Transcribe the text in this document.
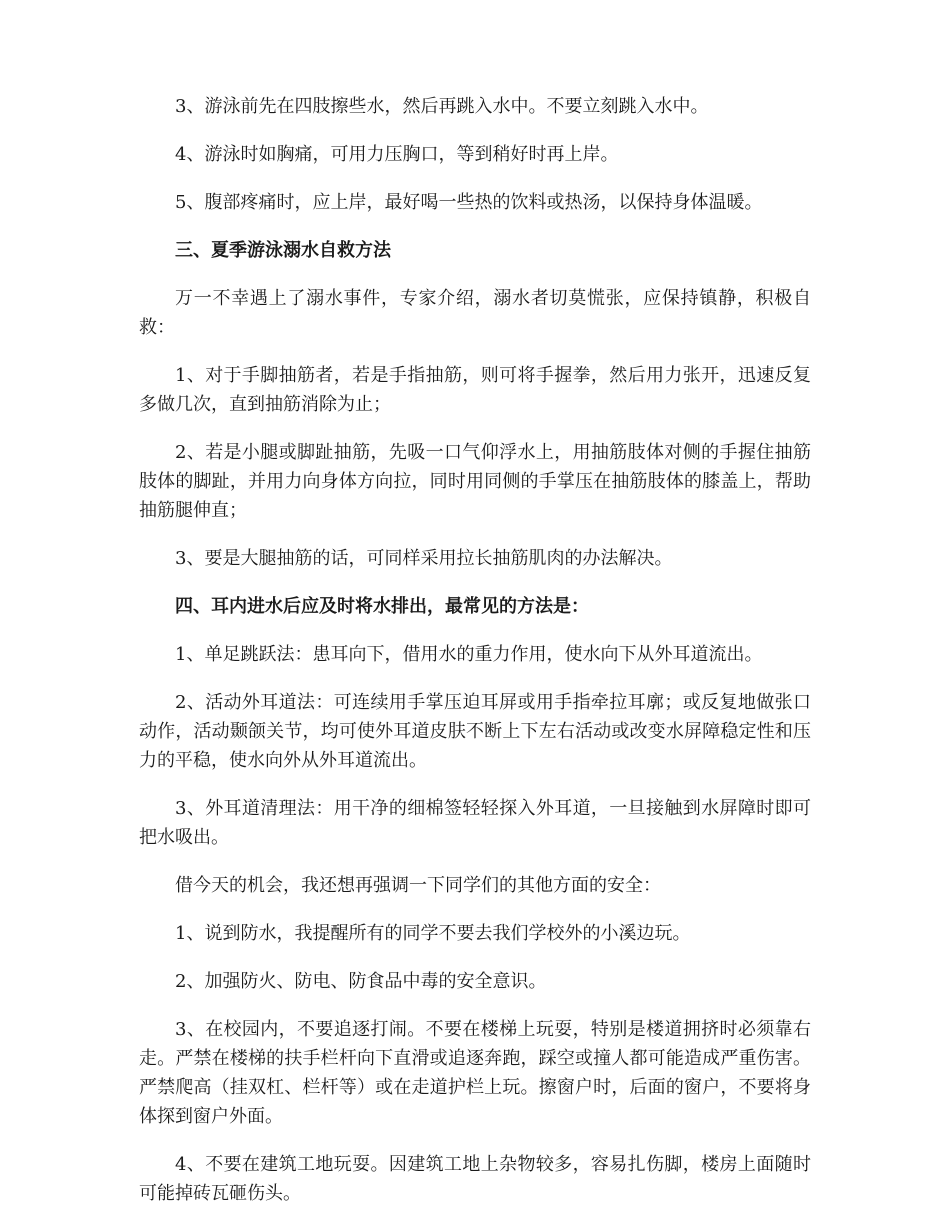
3、游泳前先在四肢擦些水，然后再跳入水中。不要立刻跳入水中。

4、游泳时如胸痛，可用力压胸口，等到稍好时再上岸。

5、腹部疼痛时，应上岸，最好喝一些热的饮料或热汤，以保持身体温暖。

三、夏季游泳溺水自救方法

万一不幸遇上了溺水事件，专家介绍，溺水者切莫慌张，应保持镇静，积极自救：

1、对于手脚抽筋者，若是手指抽筋，则可将手握拳，然后用力张开，迅速反复多做几次，直到抽筋消除为止；

2、若是小腿或脚趾抽筋，先吸一口气仰浮水上，用抽筋肢体对侧的手握住抽筋肢体的脚趾，并用力向身体方向拉，同时用同侧的手掌压在抽筋肢体的膝盖上，帮助抽筋腿伸直；

3、要是大腿抽筋的话，可同样采用拉长抽筋肌肉的办法解决。

四、耳内进水后应及时将水排出，最常见的方法是：

1、单足跳跃法：患耳向下，借用水的重力作用，使水向下从外耳道流出。

2、活动外耳道法：可连续用手掌压迫耳屏或用手指牵拉耳廓；或反复地做张口动作，活动颞颌关节，均可使外耳道皮肤不断上下左右活动或改变水屏障稳定性和压力的平稳，使水向外从外耳道流出。

3、外耳道清理法：用干净的细棉签轻轻探入外耳道，一旦接触到水屏障时即可把水吸出。

借今天的机会，我还想再强调一下同学们的其他方面的安全：

1、说到防水，我提醒所有的同学不要去我们学校外的小溪边玩。

2、加强防火、防电、防食品中毒的安全意识。

3、在校园内，不要追逐打闹。不要在楼梯上玩耍，特别是楼道拥挤时必须靠右走。严禁在楼梯的扶手栏杆向下直滑或追逐奔跑，踩空或撞人都可能造成严重伤害。严禁爬高（挂双杠、栏杆等）或在走道护栏上玩。擦窗户时，后面的窗户，不要将身体探到窗户外面。

4、不要在建筑工地玩耍。因建筑工地上杂物较多，容易扎伤脚，楼房上面随时可能掉砖瓦砸伤头。
